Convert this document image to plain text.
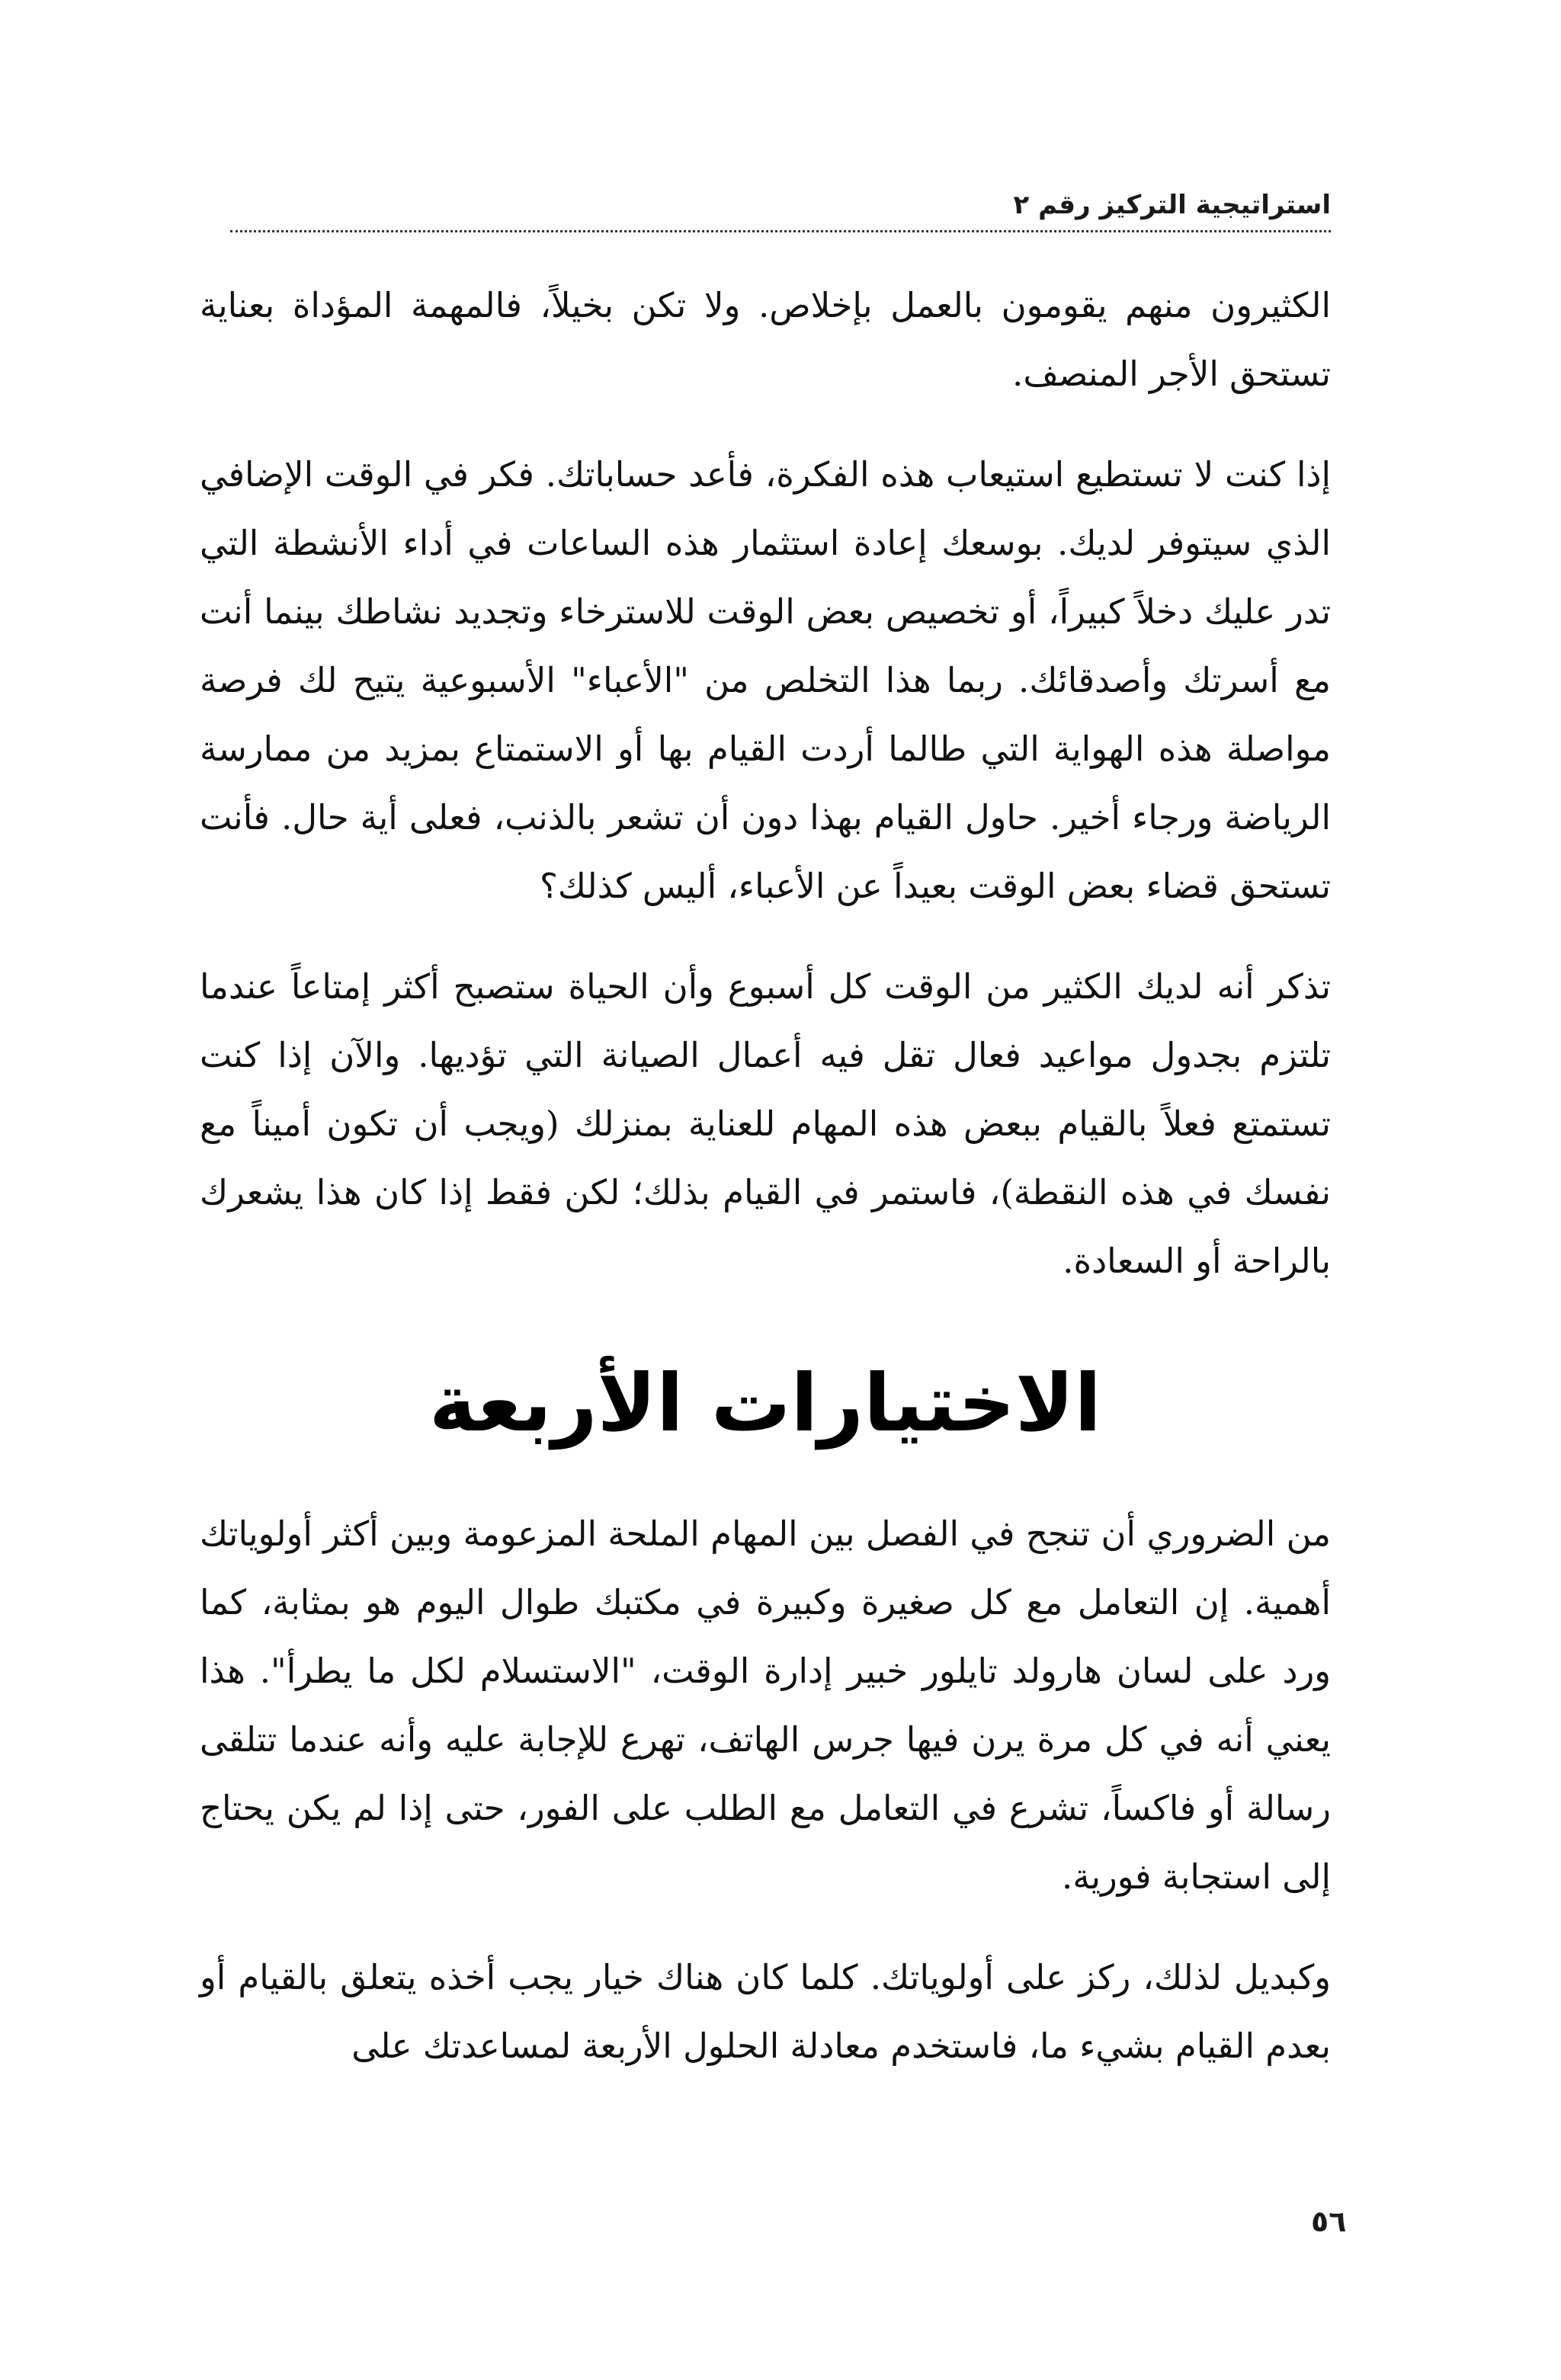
استراتيجية التركيز رقم ٢

الكثيرون منهم يقومون بالعمل بإخلاص. ولا تكن بخيلاً، فالمهمة المؤداة بعناية تستحق الأجر المنصف.

إذا كنت لا تستطيع استيعاب هذه الفكرة، فأعد حساباتك. فكر في الوقت الإضافي الذي سيتوفر لديك. بوسعك إعادة استثمار هذه الساعات في أداء الأنشطة التي تدر عليك دخلاً كبيراً، أو تخصيص بعض الوقت للاسترخاء وتجديد نشاطك بينما أنت مع أسرتك وأصدقائك. ربما هذا التخلص من "الأعباء" الأسبوعية يتيح لك فرصة مواصلة هذه الهواية التي طالما أردت القيام بها أو الاستمتاع بمزيد من ممارسة الرياضة ورجاء أخير. حاول القيام بهذا دون أن تشعر بالذنب، فعلى أية حال. فأنت تستحق قضاء بعض الوقت بعيداً عن الأعباء، أليس كذلك؟

تذكر أنه لديك الكثير من الوقت كل أسبوع وأن الحياة ستصبح أكثر إمتاعاً عندما تلتزم بجدول مواعيد فعال تقل فيه أعمال الصيانة التي تؤديها. والآن إذا كنت تستمتع فعلاً بالقيام ببعض هذه المهام للعناية بمنزلك (ويجب أن تكون أميناً مع نفسك في هذه النقطة)، فاستمر في القيام بذلك؛ لكن فقط إذا كان هذا يشعرك بالراحة أو السعادة.

الاختيارات الأربعة

من الضروري أن تنجح في الفصل بين المهام الملحة المزعومة وبين أكثر أولوياتك أهمية. إن التعامل مع كل صغيرة وكبيرة في مكتبك طوال اليوم هو بمثابة، كما ورد على لسان هارولد تايلور خبير إدارة الوقت، "الاستسلام لكل ما يطرأ". هذا يعني أنه في كل مرة يرن فيها جرس الهاتف، تهرع للإجابة عليه وأنه عندما تتلقى رسالة أو فاكساً، تشرع في التعامل مع الطلب على الفور، حتى إذا لم يكن يحتاج إلى استجابة فورية.

وكبديل لذلك، ركز على أولوياتك. كلما كان هناك خيار يجب أخذه يتعلق بالقيام أو بعدم القيام بشيء ما، فاستخدم معادلة الحلول الأربعة لمساعدتك على

٥٦
